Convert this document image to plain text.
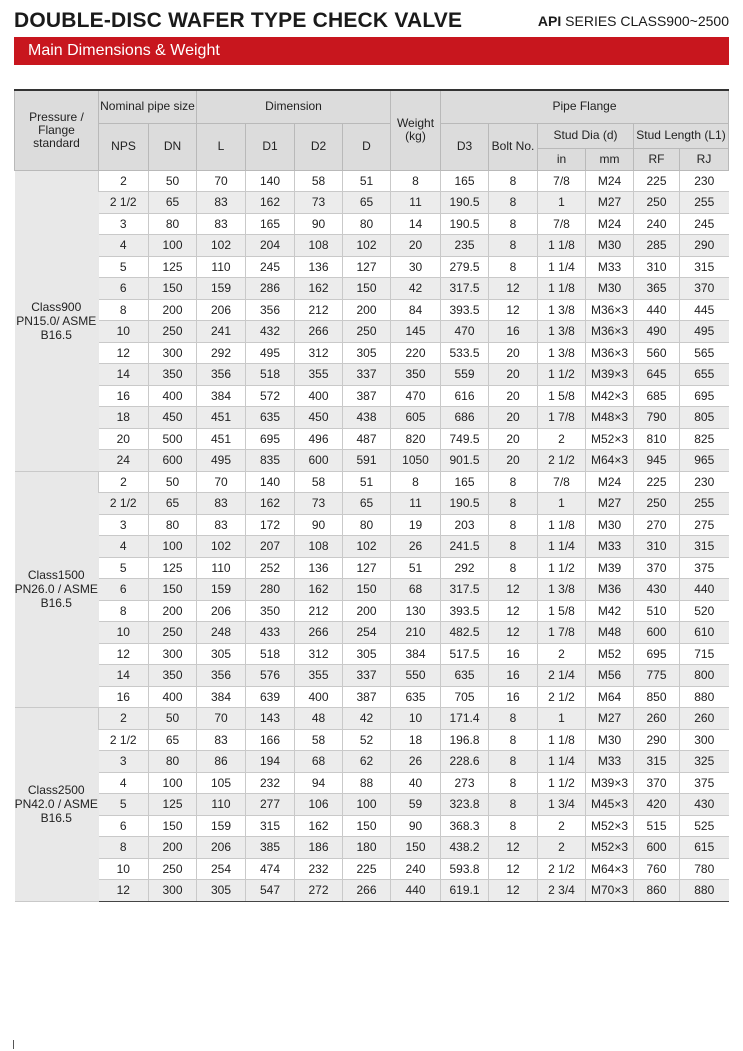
DOUBLE-DISC WAFER TYPE CHECK VALVE	API SERIES CLASS900~2500
Main Dimensions & Weight
Pressure / Flange standard	Nominal pipe size		Dimension				Weight (kg)	Pipe Flange					
	NPS	DN	L	D1	D2	D		D3	Bolt No.	Stud Dia (d)		Stud Length (L1)	
										in	mm	RF	RJ
Class900 PN15.0/ ASME B16.5	2	50	70	140	58	51	8	165	8	7/8	M24	225	230
	2 1/2	65	83	162	73	65	11	190.5	8	1	M27	250	255
	3	80	83	165	90	80	14	190.5	8	7/8	M24	240	245
	4	100	102	204	108	102	20	235	8	1 1/8	M30	285	290
	5	125	110	245	136	127	30	279.5	8	1 1/4	M33	310	315
	6	150	159	286	162	150	42	317.5	12	1 1/8	M30	365	370
	8	200	206	356	212	200	84	393.5	12	1 3/8	M36×3	440	445
	10	250	241	432	266	250	145	470	16	1 3/8	M36×3	490	495
	12	300	292	495	312	305	220	533.5	20	1 3/8	M36×3	560	565
	14	350	356	518	355	337	350	559	20	1 1/2	M39×3	645	655
	16	400	384	572	400	387	470	616	20	1 5/8	M42×3	685	695
	18	450	451	635	450	438	605	686	20	1 7/8	M48×3	790	805
	20	500	451	695	496	487	820	749.5	20	2	M52×3	810	825
	24	600	495	835	600	591	1050	901.5	20	2 1/2	M64×3	945	965
Class1500 PN26.0 / ASME B16.5	2	50	70	140	58	51	8	165	8	7/8	M24	225	230
	2 1/2	65	83	162	73	65	11	190.5	8	1	M27	250	255
	3	80	83	172	90	80	19	203	8	1 1/8	M30	270	275
	4	100	102	207	108	102	26	241.5	8	1 1/4	M33	310	315
	5	125	110	252	136	127	51	292	8	1 1/2	M39	370	375
	6	150	159	280	162	150	68	317.5	12	1 3/8	M36	430	440
	8	200	206	350	212	200	130	393.5	12	1 5/8	M42	510	520
	10	250	248	433	266	254	210	482.5	12	1 7/8	M48	600	610
	12	300	305	518	312	305	384	517.5	16	2	M52	695	715
	14	350	356	576	355	337	550	635	16	2 1/4	M56	775	800
	16	400	384	639	400	387	635	705	16	2 1/2	M64	850	880
Class2500 PN42.0 / ASME B16.5	2	50	70	143	48	42	10	171.4	8	1	M27	260	260
	2 1/2	65	83	166	58	52	18	196.8	8	1 1/8	M30	290	300
	3	80	86	194	68	62	26	228.6	8	1 1/4	M33	315	325
	4	100	105	232	94	88	40	273	8	1 1/2	M39×3	370	375
	5	125	110	277	106	100	59	323.8	8	1 3/4	M45×3	420	430
	6	150	159	315	162	150	90	368.3	8	2	M52×3	515	525
	8	200	206	385	186	180	150	438.2	12	2	M52×3	600	615
	10	250	254	474	232	225	240	593.8	12	2 1/2	M64×3	760	780
	12	300	305	547	272	266	440	619.1	12	2 3/4	M70×3	860	880
